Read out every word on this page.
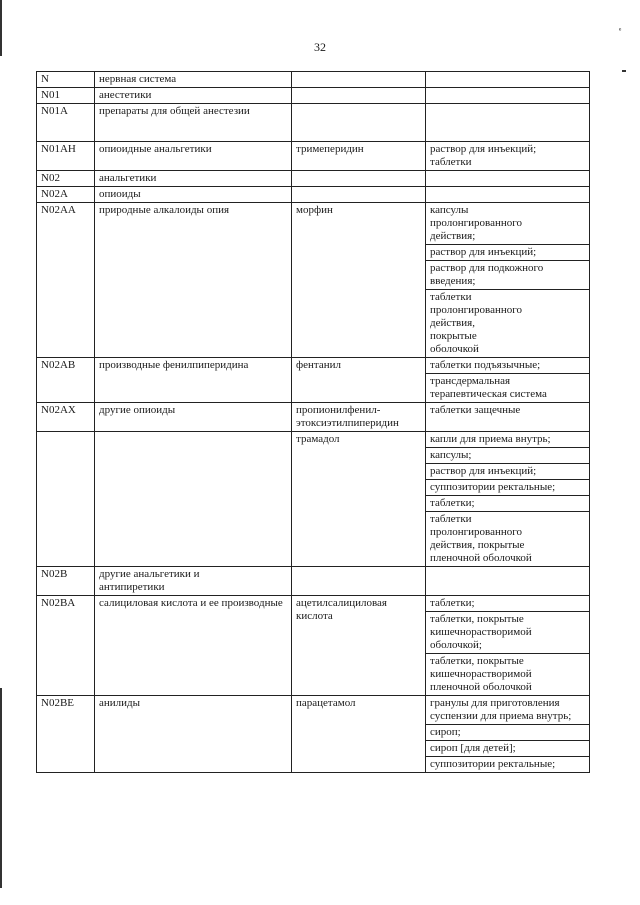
ᵉ
32
N	нервная система		
N01	анестетики		
N01A	препараты для общей анестезии		
N01AH	опиоидные анальгетики	тримеперидин	раствор для инъекций; таблетки
N02	анальгетики		
N02A	опиоиды		
N02AA	природные алкалоиды опия	морфин	капсулы пролонгированного действия;
			раствор для инъекций;
			раствор для подкожного введения;
			таблетки пролонгированного действия, покрытые оболочкой
N02AB	производные фенилпиперидина	фентанил	таблетки подъязычные;
			трансдермальная терапевтическая система
N02AX	другие опиоиды	пропионилфенил-этоксиэтилпиперидин	таблетки защечные
		трамадол	капли для приема внутрь;
			капсулы;
			раствор для инъекций;
			суппозитории ректальные;
			таблетки;
			таблетки пролонгированного действия, покрытые пленочной оболочкой
N02B	другие анальгетики и антипиретики		
N02BA	салициловая кислота и ее производные	ацетилсалициловая кислота	таблетки;
			таблетки, покрытые кишечнорастворимой оболочкой;
			таблетки, покрытые кишечнорастворимой пленочной оболочкой
N02BE	анилиды	парацетамол	гранулы для приготовления суспензии для приема внутрь;
			сироп;
			сироп [для детей];
			суппозитории ректальные;
